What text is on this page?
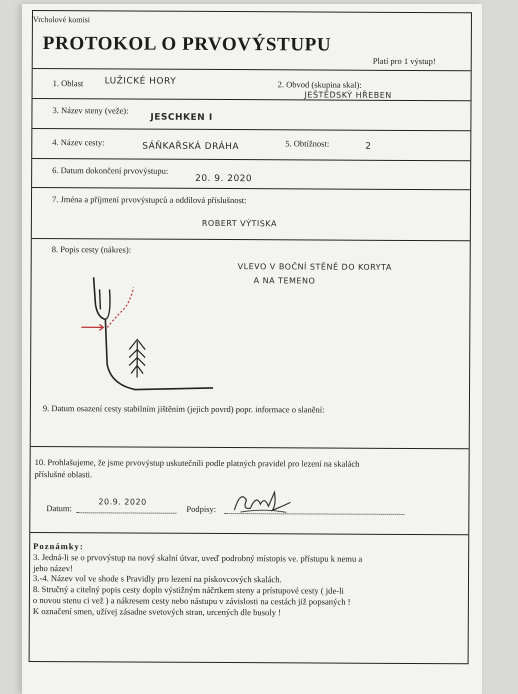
Vrcholové komisi
PROTOKOL O PRVOVÝSTUPU
Platí pro 1 výstup!
1. Oblast LUŽICKÉ HORY	2. Obvod (skupina skal):
JEŠTĚDSKÝ HŘEBEN
3. Název steny (veže):
JESCHKEN I
4. Název cesty:	SÁŇKAŘSKÁ DRÁHA	5. Obtížnost:	2
6. Datum dokončení prvovýstupu:
20. 9. 2020
7. Jména a příjmení prvovýstupců a oddílová příslušnost:
ROBERT VÝTISKA
8. Popis cesty (nákres):
VLEVO V BOČNÍ STĚNĚ DO KORYTA
A NA TEMENO
9. Datum osazení cesty stabilním jištěním (jejich povrd) popr. informace o slanění:
10. Prohlašujeme, že jsme prvovýstup uskutečnili podle platných pravidel pro lezení na skalách
příslušné oblasti.
Datum:
20.9. 2020
Podpisy:
Poznámky:
3. Jedná-li se o prvovýstup na nový skalní útvar, uveď podrobný místopis ve. přístupu k nemu a
jeho název!
3.-4. Název vol ve shode s Pravidly pro lezení na pískovcových skalách.
8. Stručný a citelný popis cesty dopln výstižným náčrtkem steny a prístupové cesty ( jde-li
o novou stenu ci vež ) a nákresem cesty nebo nástupu v závislosti na cestách již popsaných !
K označení smen, užívej zásadne svetových stran, urcených dle busoly !
